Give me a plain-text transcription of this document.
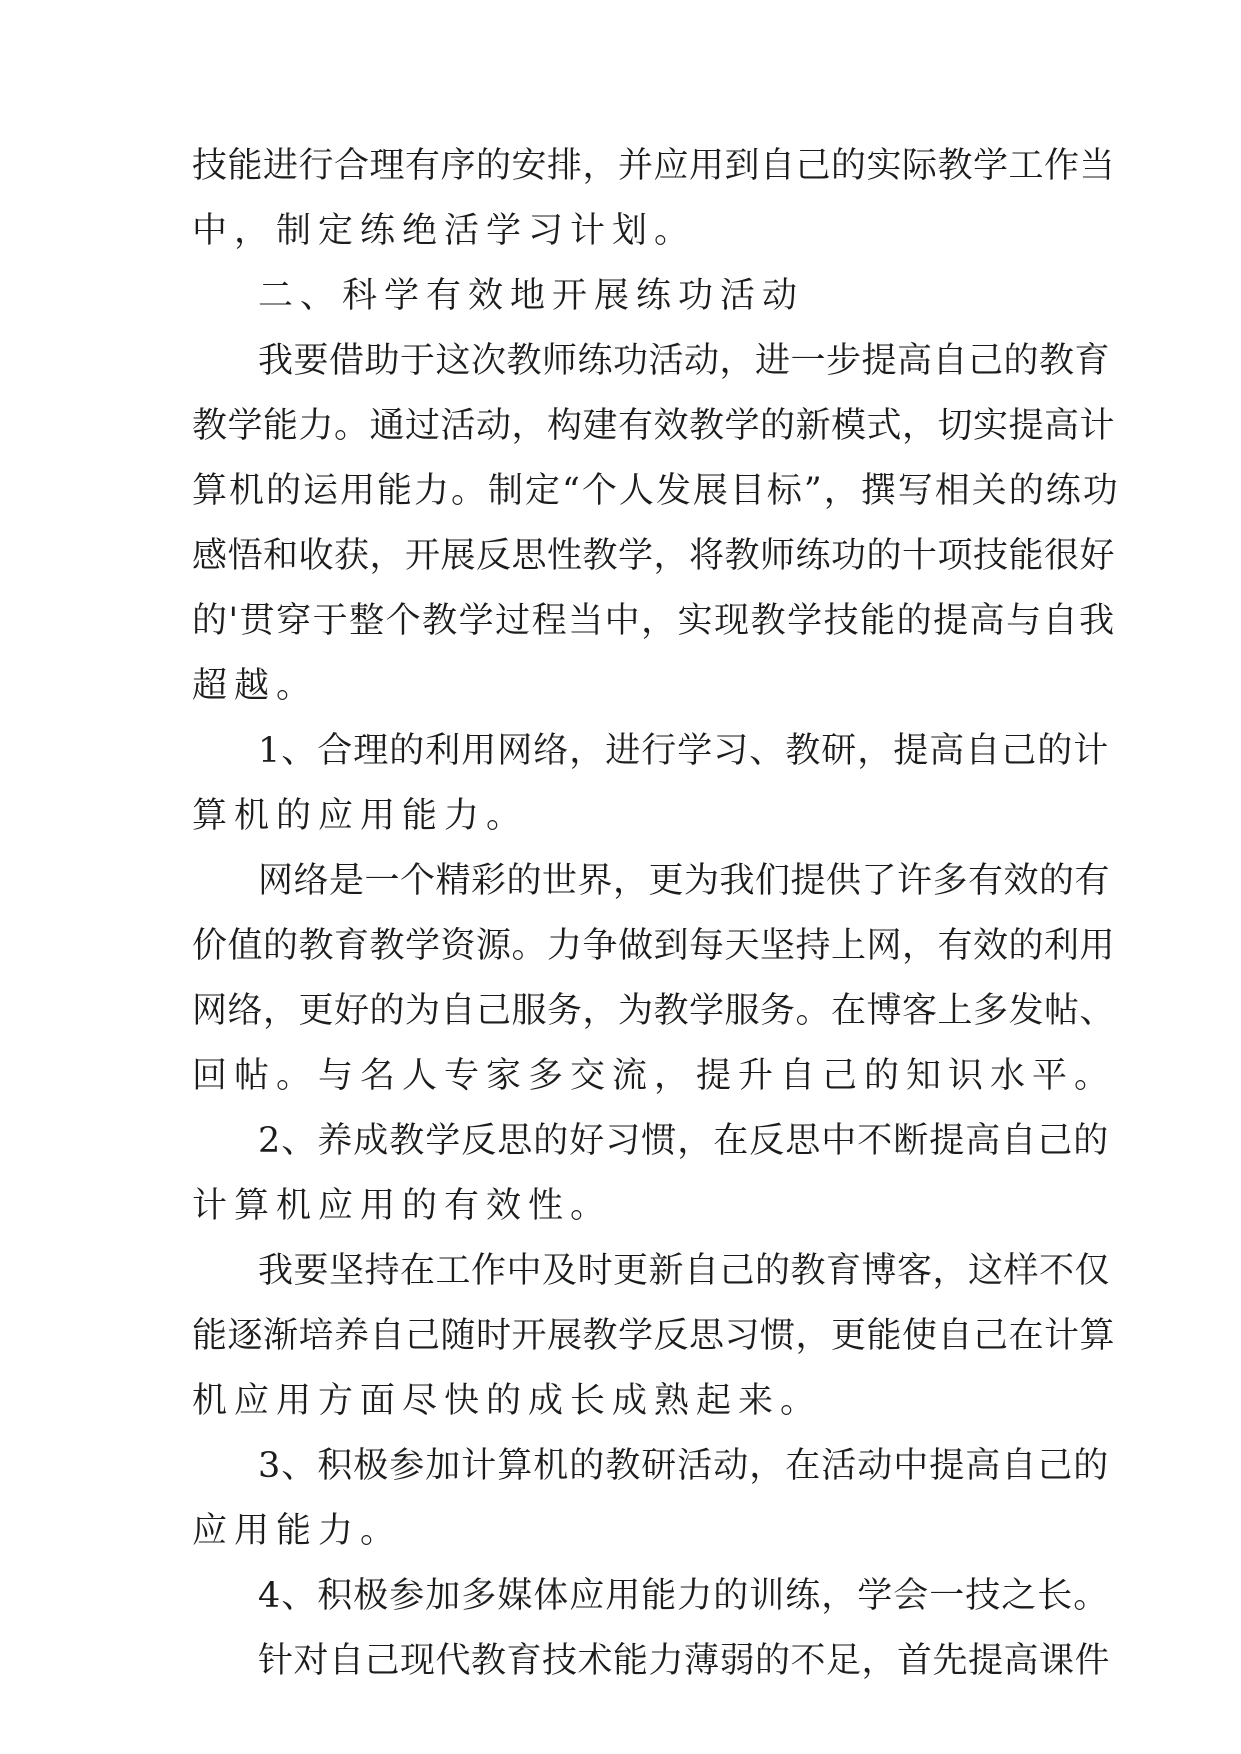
技能进行合理有序的安排，并应用到自己的实际教学工作当

中，制定练绝活学习计划。

二、科学有效地开展练功活动

我要借助于这次教师练功活动，进一步提高自己的教育

教学能力。通过活动，构建有效教学的新模式，切实提高计

算机的运用能力。制定“个人发展目标”，撰写相关的练功

感悟和收获，开展反思性教学，将教师练功的十项技能很好

的'贯穿于整个教学过程当中，实现教学技能的提高与自我

超越。

1、合理的利用网络，进行学习、教研，提高自己的计

算机的应用能力。

网络是一个精彩的世界，更为我们提供了许多有效的有

价值的教育教学资源。力争做到每天坚持上网，有效的利用

网络，更好的为自己服务，为教学服务。在博客上多发帖、

回帖。与名人专家多交流，提升自己的知识水平。

2、养成教学反思的好习惯，在反思中不断提高自己的

计算机应用的有效性。

我要坚持在工作中及时更新自己的教育博客，这样不仅

能逐渐培养自己随时开展教学反思习惯，更能使自己在计算

机应用方面尽快的成长成熟起来。

3、积极参加计算机的教研活动，在活动中提高自己的

应用能力。

4、积极参加多媒体应用能力的训练，学会一技之长。

针对自己现代教育技术能力薄弱的不足，首先提高课件
